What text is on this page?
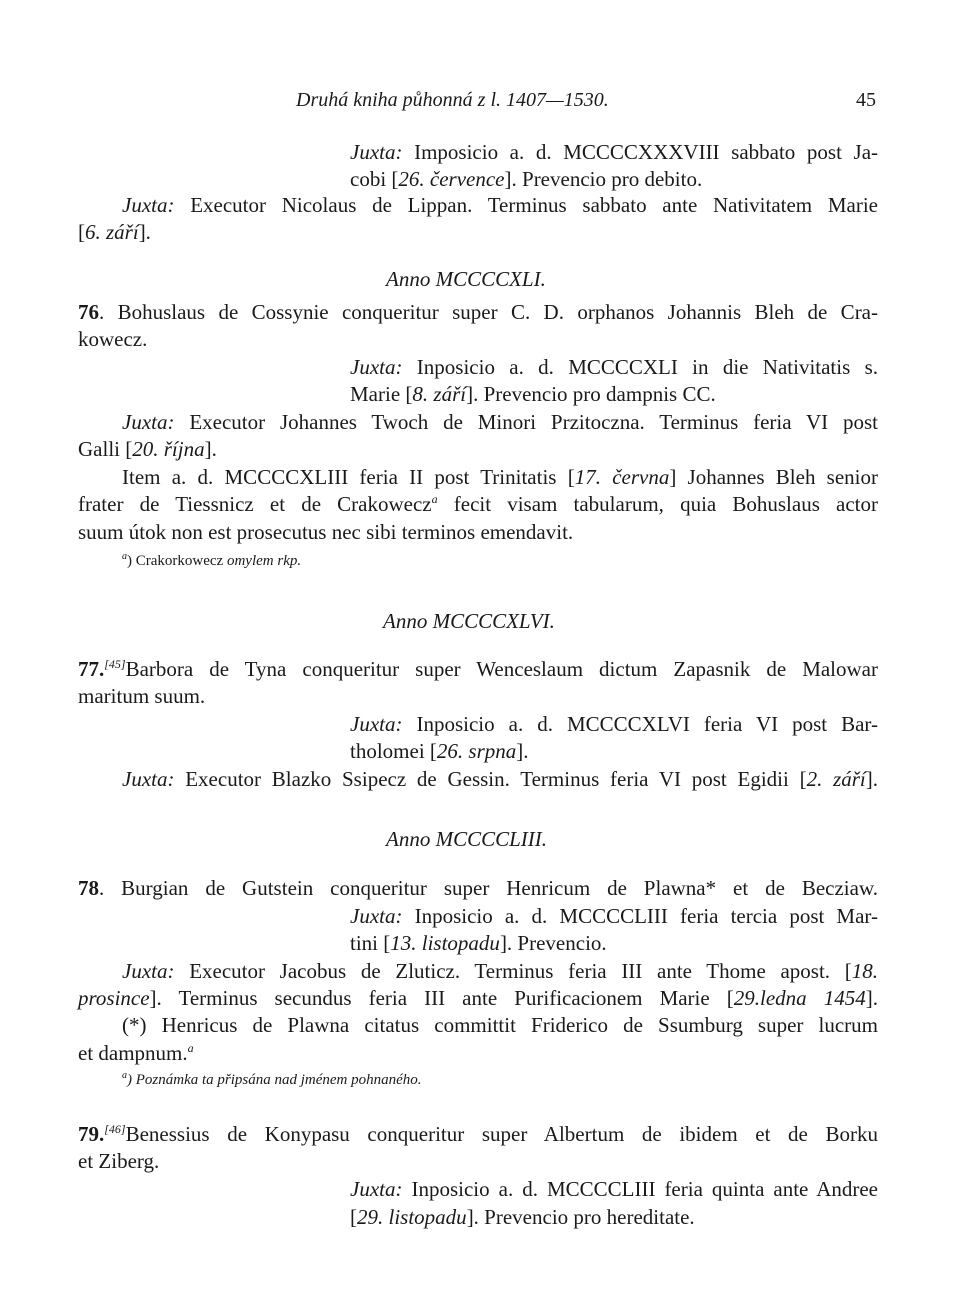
Druhá kniha půhonná z l. 1407—1530.	45
Juxta: Imposicio a. d. MCCCCXXXVIII sabbato post Ja-
cobi [26. července]. Prevencio pro debito.
Juxta: Executor Nicolaus de Lippan. Terminus sabbato ante Nativitatem Marie
[6. září].
Anno MCCCCXLI.
76. Bohuslaus de Cossynie conqueritur super C. D. orphanos Johannis Bleh de Cra-
kowecz.
Juxta: Inposicio a. d. MCCCCXLI in die Nativitatis s.
Marie [8. září]. Prevencio pro dampnis CC.
Juxta: Executor Johannes Twoch de Minori Przitoczna. Terminus feria VI post
Galli [20. října].
Item a. d. MCCCCXLIII feria II post Trinitatis [17. června] Johannes Bleh senior
frater de Tiessnicz et de Crakowecz$^a$ fecit visam tabularum, quia Bohuslaus actor
suum útok non est prosecutus nec sibi terminos emendavit.
$^a$) Crakorkowecz omylem rkp.
Anno MCCCCXLVI.
77.[45]Barbora de Tyna conqueritur super Wenceslaum dictum Zapasnik de Malowar
maritum suum.
Juxta: Inposicio a. d. MCCCCXLVI feria VI post Bar-
tholomei [26. srpna].
Juxta: Executor Blazko Ssipecz de Gessin. Terminus feria VI post Egidii [2. září].
Anno MCCCCLIII.
78. Burgian de Gutstein conqueritur super Henricum de Plawna* et de Becziaw.
Juxta: Inposicio a. d. MCCCCLIII feria tercia post Mar-
tini [13. listopadu]. Prevencio.
Juxta: Executor Jacobus de Zluticz. Terminus feria III ante Thome apost. [18.
prosince]. Terminus secundus feria III ante Purificacionem Marie [29.ledna 1454].
(*) Henricus de Plawna citatus committit Friderico de Ssumburg super lucrum
et dampnum.$^a$
$^a$) Poznámka ta připsána nad jménem pohnaného.
79.[46]Benessius de Konypasu conqueritur super Albertum de ibidem et de Borku
et Ziberg.
Juxta: Inposicio a. d. MCCCCLIII feria quinta ante Andree
[29. listopadu]. Prevencio pro hereditate.
